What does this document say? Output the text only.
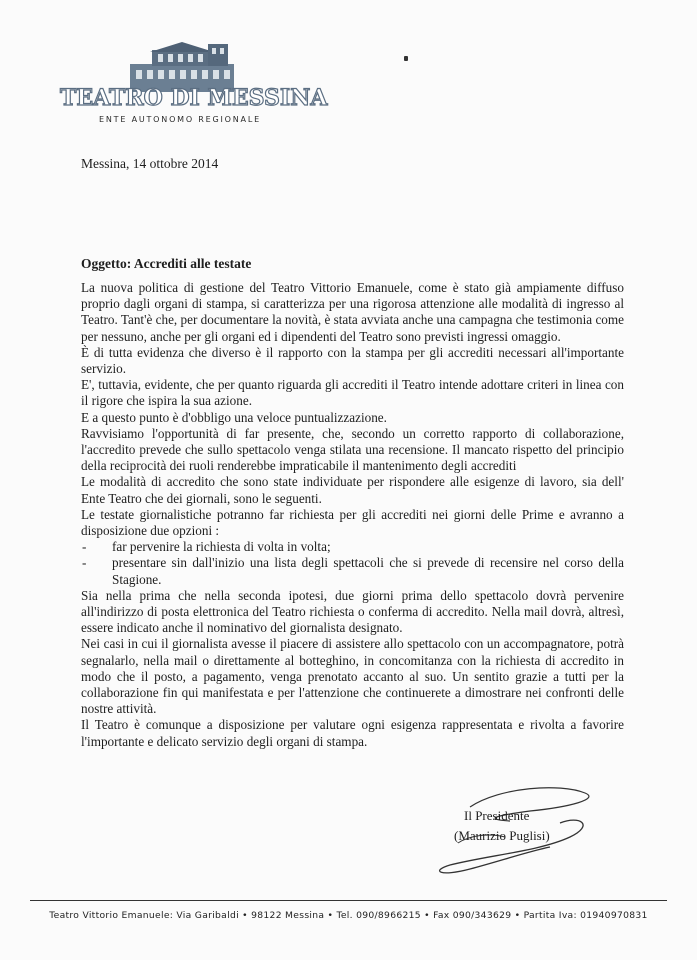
TEATRO DI MESSINA
ENTE AUTONOMO REGIONALE
Messina, 14 ottobre 2014
Oggetto: Accrediti alle testate

La nuova politica di gestione del Teatro Vittorio Emanuele, come è stato già ampiamente diffuso proprio dagli organi di stampa, si caratterizza per una rigorosa attenzione alle modalità di ingresso al Teatro. Tant'è che, per documentare la novità, è stata avviata anche una campagna che testimonia come per nessuno, anche per gli organi ed i dipendenti del Teatro sono previsti ingressi omaggio.

È di tutta evidenza che diverso è il rapporto con la stampa per gli accrediti necessari all'importante servizio.

E', tuttavia, evidente, che per quanto riguarda gli accrediti il Teatro intende adottare criteri in linea con il rigore che ispira la sua azione.

E a questo punto è d'obbligo una veloce puntualizzazione.

Ravvisiamo l'opportunità di far presente, che, secondo un corretto rapporto di collaborazione, l'accredito prevede che sullo spettacolo venga stilata una recensione. Il mancato rispetto del principio della reciprocità dei ruoli renderebbe impraticabile il mantenimento degli accrediti

Le modalità di accredito che sono state individuate per rispondere alle esigenze di lavoro, sia dell' Ente Teatro che dei giornali, sono le seguenti.

Le testate giornalistiche potranno far richiesta per gli accrediti nei giorni delle Prime e avranno a disposizione due opzioni :

- far pervenire la richiesta di volta in volta;
- presentare sin dall'inizio una lista degli spettacoli che si prevede di recensire nel corso della Stagione.

Sia nella prima che nella seconda ipotesi, due giorni prima dello spettacolo dovrà pervenire all'indirizzo di posta elettronica del Teatro richiesta o conferma di accredito. Nella mail dovrà, altresì, essere indicato anche il nominativo del giornalista designato.

Nei casi in cui il giornalista avesse il piacere di assistere allo spettacolo con un accompagnatore, potrà segnalarlo, nella mail o direttamente al botteghino, in concomitanza con la richiesta di accredito in modo che il posto, a pagamento, venga prenotato accanto al suo. Un sentito grazie a tutti per la collaborazione fin qui manifestata e per l'attenzione che continuerete a dimostrare nei confronti delle nostre attività.

Il Teatro è comunque a disposizione per valutare ogni esigenza rappresentata e rivolta a favorire l'importante e delicato servizio degli organi di stampa.

Il Presidente
(Maurizio Puglisi)
Teatro Vittorio Emanuele: Via Garibaldi • 98122 Messina • Tel. 090/8966215 • Fax 090/343629 • Partita Iva: 01940970831
